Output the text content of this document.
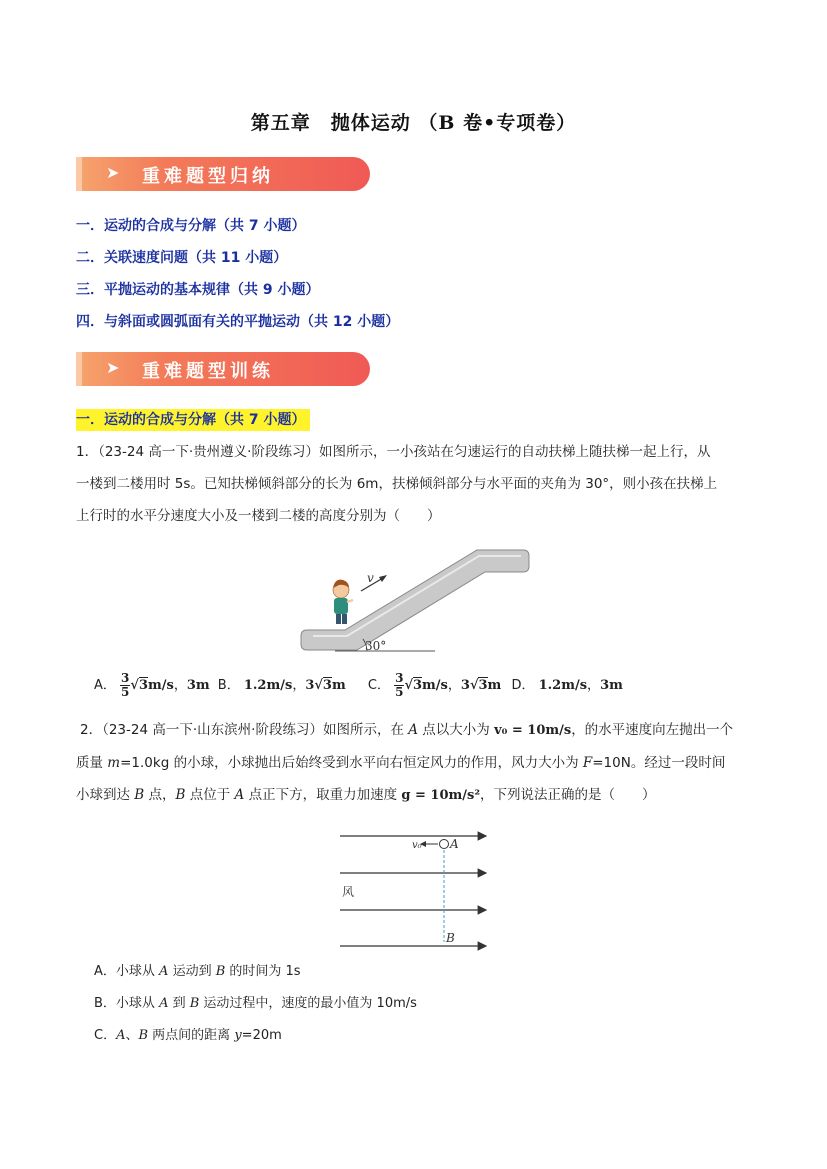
第五章　抛体运动 （B 卷•专项卷）
➤ 重难题型归纳
一．运动的合成与分解（共 7 小题）
二．关联速度问题（共 11 小题）
三．平抛运动的基本规律（共 9 小题）
四．与斜面或圆弧面有关的平抛运动（共 12 小题）
➤ 重难题型训练
一．运动的合成与分解（共 7 小题）
1．（23-24 高一下·贵州遵义·阶段练习）如图所示，一小孩站在匀速运行的自动扶梯上随扶梯一起上行，从
一楼到二楼用时 5s。已知扶梯倾斜部分的长为 6m，扶梯倾斜部分与水平面的夹角为 30°，则小孩在扶梯上
上行时的水平分速度大小及一楼到二楼的高度分别为（　　）
30°
v
A． $\frac{3}{5} √3m/s$，3m B． 1.2m/s，3√3m C． $\frac{3}{5} √3m/s$，3√3m D． 1.2m/s，3m
2．（23-24 高一下·山东滨州·阶段练习）如图所示，在 A 点以大小为 v₀ = 10m/s，的水平速度向左抛出一个
质量 m=1.0kg 的小球，小球抛出后始终受到水平向右恒定风力的作用，风力大小为 F=10N。经过一段时间
小球到达 B 点，B 点位于 A 点正下方，取重力加速度 g = 10m/s²，下列说法正确的是（　　）
v₀ A
风
B
A．小球从 A 运动到 B 的时间为 1s
B．小球从 A 到 B 运动过程中，速度的最小值为 10m/s
C．A、B 两点间的距离 y=20m
